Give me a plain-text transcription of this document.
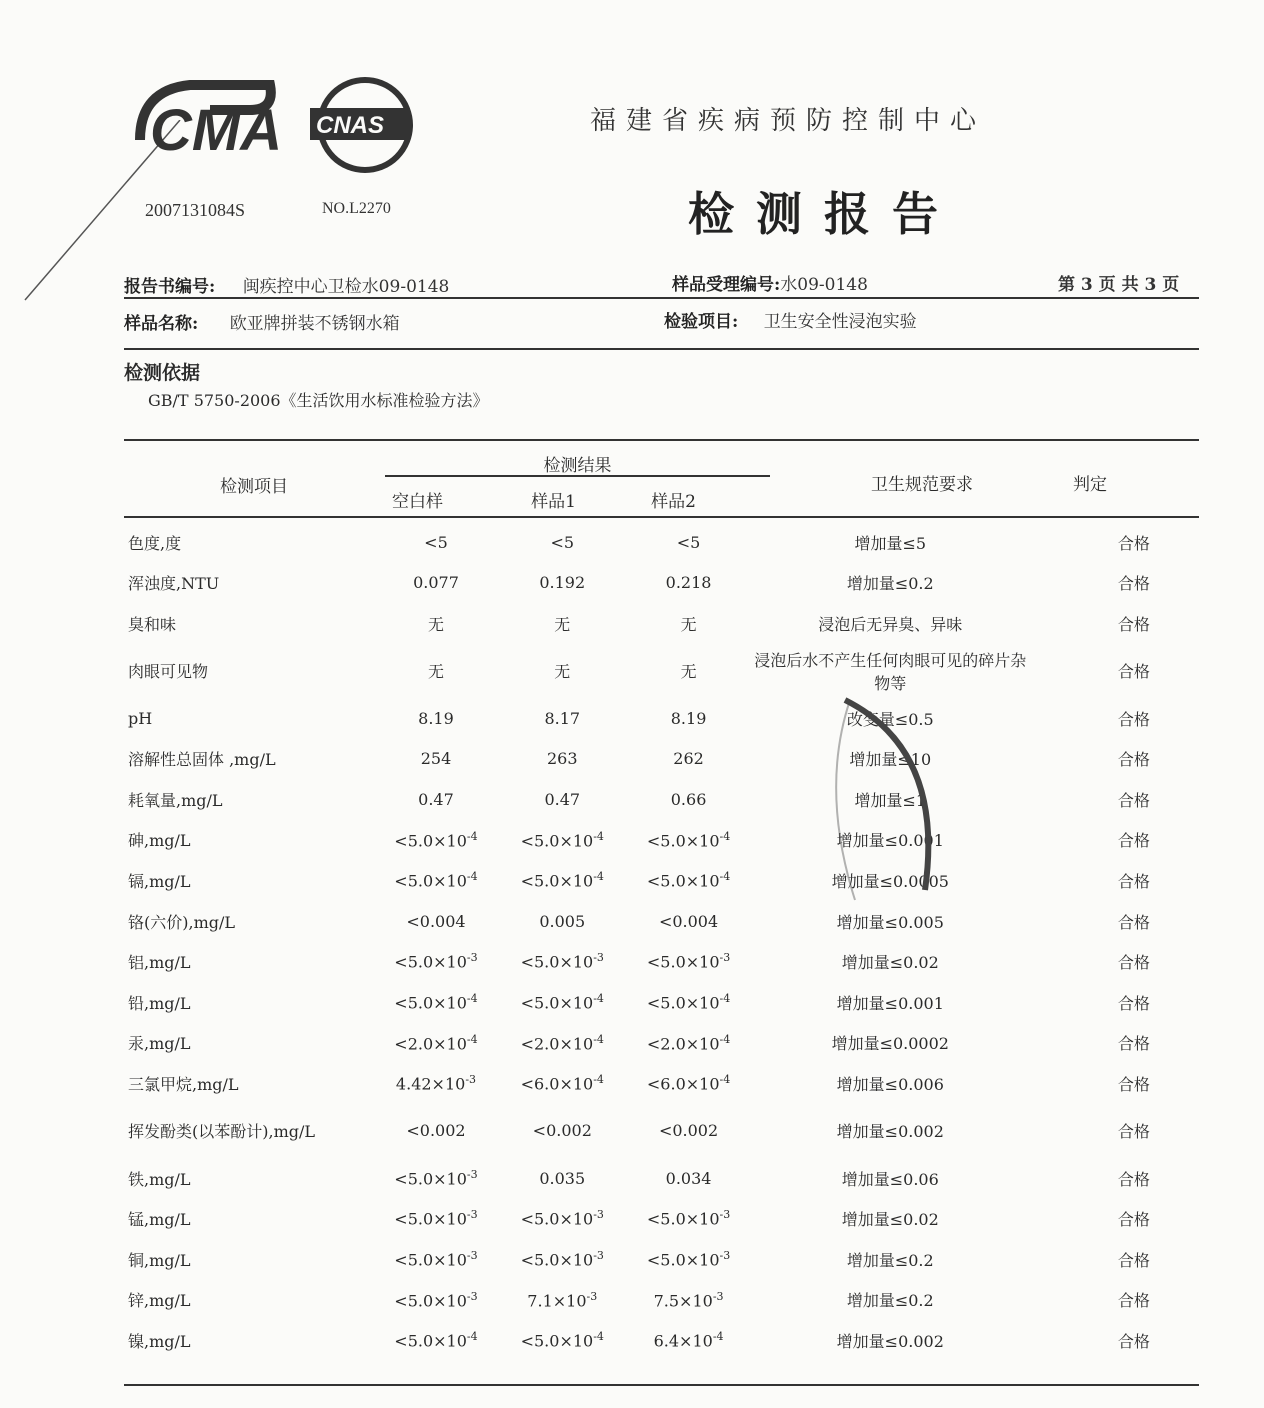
CMA CNAS
2007131084S	NO.L2270
福建省疾病预防控制中心
检测报告
报告书编号: 闽疾控中心卫检水09-0148	样品受理编号:水09-0148	第 3 页 共 3 页
样品名称: 欧亚牌拼装不锈钢水箱	检验项目: 卫生安全性浸泡实验
检测依据
GB/T 5750-2006《生活饮用水标准检验方法》
检测项目
检测结果
空白样	样品1	样品2
卫生规范要求	判定
色度,度	<5	<5	<5	增加量≤5	合格
浑浊度,NTU	0.077	0.192	0.218	增加量≤0.2	合格
臭和味	无	无	无	浸泡后无异臭、异味	合格
肉眼可见物	无	无	无	浸泡后水不产生任何肉眼可见的碎片杂物等	合格
pH	8.19	8.17	8.19	改变量≤0.5	合格
溶解性总固体 ,mg/L	254	263	262	增加量≤10	合格
耗氧量,mg/L	0.47	0.47	0.66	增加量≤1	合格
砷,mg/L	$<5.0\times 10^{-4}$	$<5.0\times 10^{-4}$	$<5.0\times 10^{-4}$	增加量≤0.001	合格
镉,mg/L	$<5.0\times 10^{-4}$	$<5.0\times 10^{-4}$	$<5.0\times 10^{-4}$	增加量≤0.0005	合格
铬(六价),mg/L	<0.004	0.005	<0.004	增加量≤0.005	合格
铝,mg/L	$<5.0\times 10^{-3}$	$<5.0\times 10^{-3}$	$<5.0\times 10^{-3}$	增加量≤0.02	合格
铅,mg/L	$<5.0\times 10^{-4}$	$<5.0\times 10^{-4}$	$<5.0\times 10^{-4}$	增加量≤0.001	合格
汞,mg/L	$<2.0\times 10^{-4}$	$<2.0\times 10^{-4}$	$<2.0\times 10^{-4}$	增加量≤0.0002	合格
三氯甲烷,mg/L	$4.42\times 10^{-3}$	$<6.0\times 10^{-4}$	$<6.0\times 10^{-4}$	增加量≤0.006	合格
挥发酚类(以苯酚计),mg/L	<0.002	<0.002	<0.002	增加量≤0.002	合格
铁,mg/L	$<5.0\times 10^{-3}$	0.035	0.034	增加量≤0.06	合格
锰,mg/L	$<5.0\times 10^{-3}$	$<5.0\times 10^{-3}$	$<5.0\times 10^{-3}$	增加量≤0.02	合格
铜,mg/L	$<5.0\times 10^{-3}$	$<5.0\times 10^{-3}$	$<5.0\times 10^{-3}$	增加量≤0.2	合格
锌,mg/L	$<5.0\times 10^{-3}$	$7.1\times 10^{-3}$	$7.5\times 10^{-3}$	增加量≤0.2	合格
镍,mg/L	$<5.0\times 10^{-4}$	$<5.0\times 10^{-4}$	$6.4\times 10^{-4}$	增加量≤0.002	合格
